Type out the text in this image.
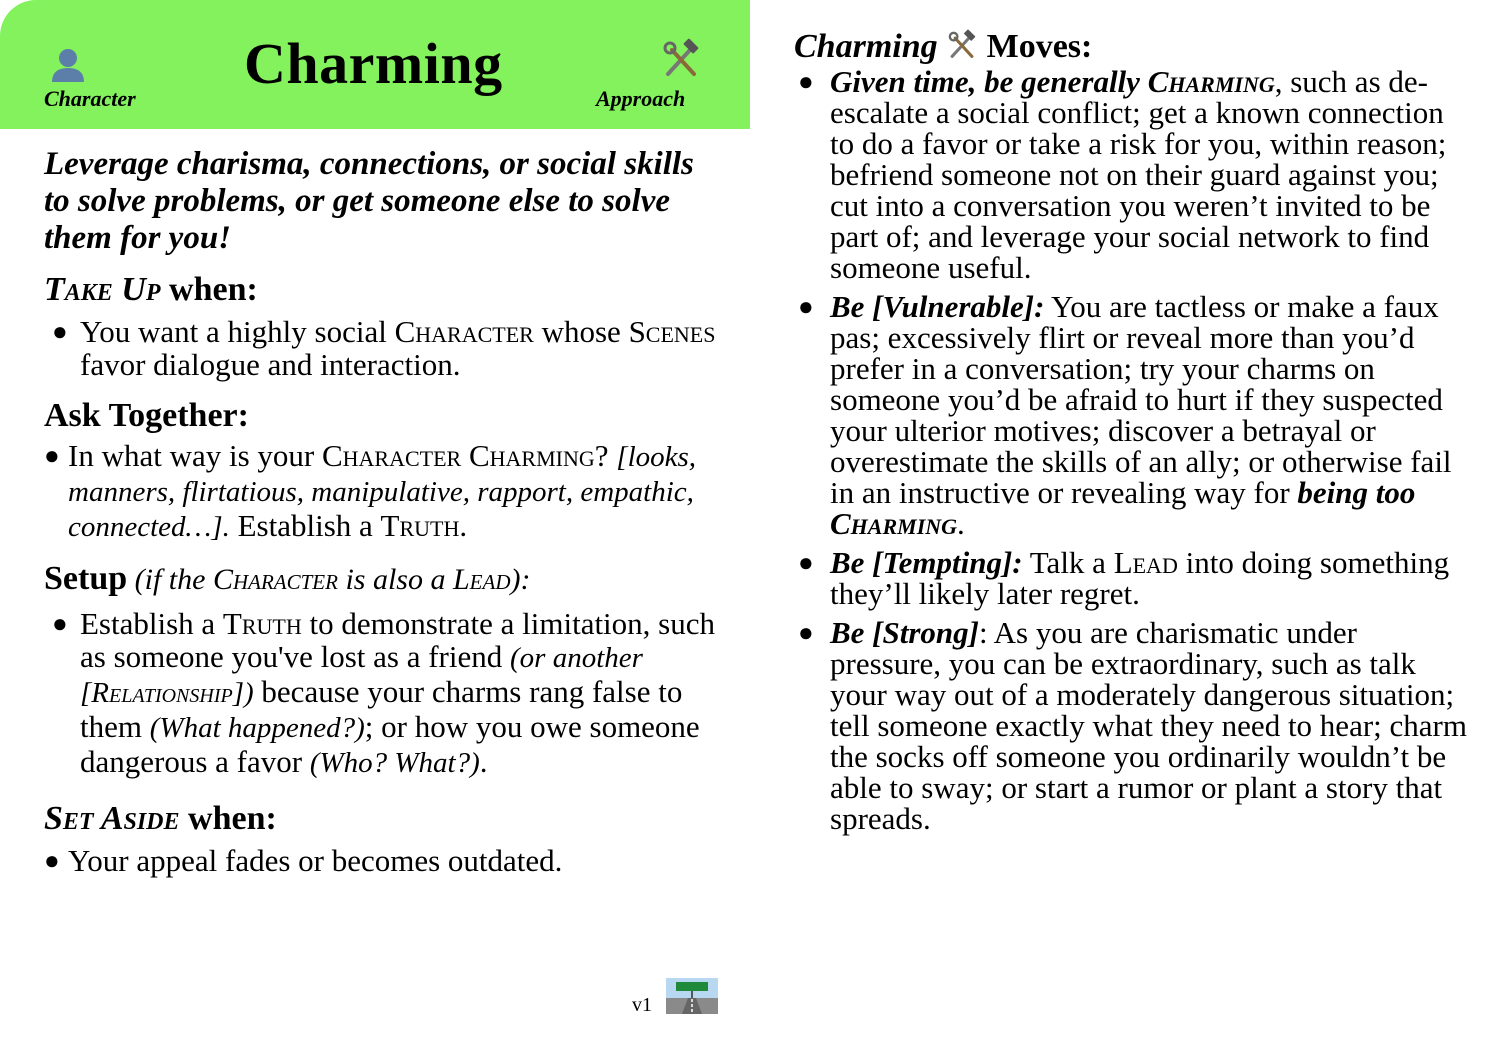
Character
Charming
Approach

Leverage charisma, connections, or social skills to solve problems, or get someone else to solve them for you!

Take Up when:

● You want a highly social Character whose Scenes favor dialogue and interaction.

Ask Together:

● In what way is your Character Charming? [looks, manners, flirtatious, manipulative, rapport, empathic, connected…]. Establish a Truth.

Setup (if the Character is also a Lead):

● Establish a Truth to demonstrate a limitation, such as someone you've lost as a friend (or another [Relationship]) because your charms rang false to them (What happened?); or how you owe someone dangerous a favor (Who? What?).

Set Aside when:

● Your appeal fades or becomes outdated.

Charming  Moves:

● Given time, be generally Charming, such as de-escalate a social conflict; get a known connection to do a favor or take a risk for you, within reason; befriend someone not on their guard against you; cut into a conversation you weren’t invited to be part of; and leverage your social network to find someone useful.

● Be [Vulnerable]: You are tactless or make a faux pas; excessively flirt or reveal more than you’d prefer in a conversation; try your charms on someone you’d be afraid to hurt if they suspected your ulterior motives; discover a betrayal or overestimate the skills of an ally; or otherwise fail in an instructive or revealing way for being too Charming.

● Be [Tempting]: Talk a Lead into doing something they’ll likely later regret.

● Be [Strong]: As you are charismatic under pressure, you can be extraordinary, such as talk your way out of a moderately dangerous situation; tell someone exactly what they need to hear; charm the socks off someone you ordinarily wouldn’t be able to sway; or start a rumor or plant a story that spreads.

v1
